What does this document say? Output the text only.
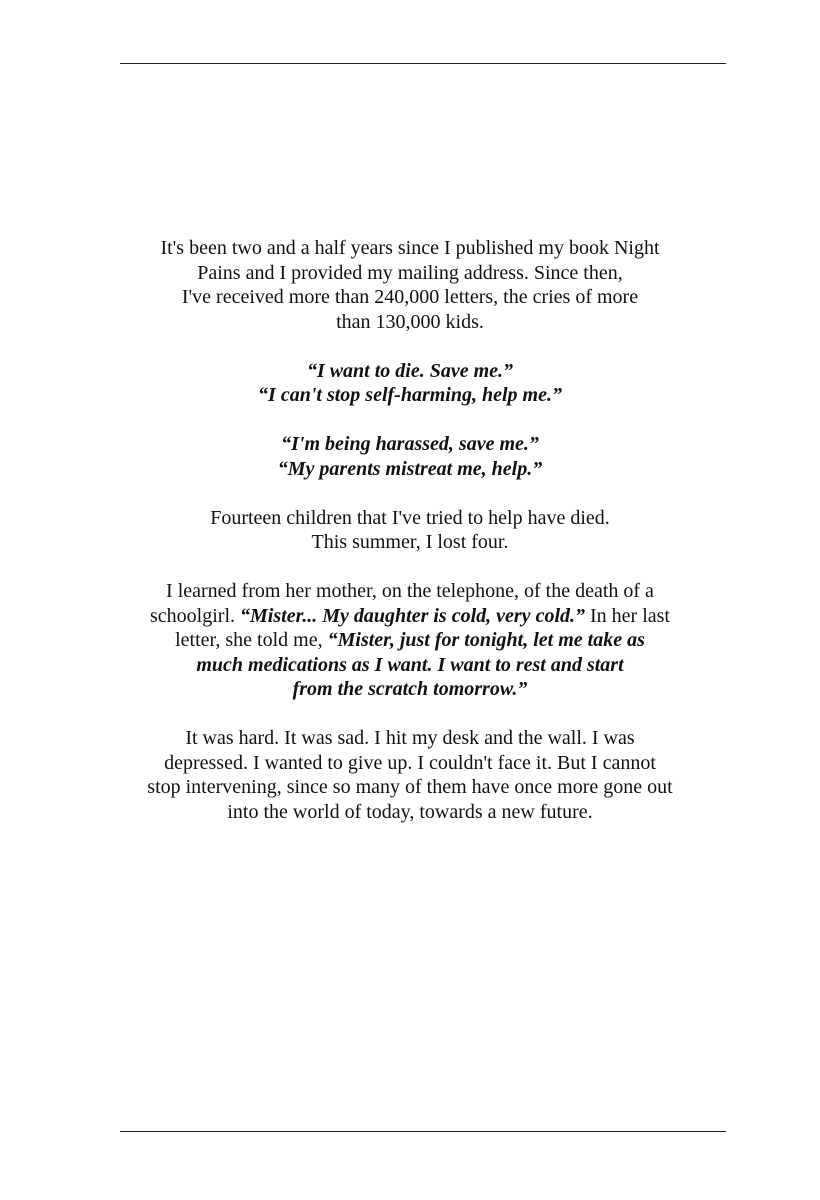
It's been two and a half years since I published my book Night
Pains and I provided my mailing address. Since then,
I've received more than 240,000 letters, the cries of more
than 130,000 kids.

“I want to die. Save me.”
“I can't stop self-harming, help me.”

“I'm being harassed, save me.”
“My parents mistreat me, help.”

Fourteen children that I've tried to help have died.
This summer, I lost four.

I learned from her mother, on the telephone, of the death of a
schoolgirl. “Mister... My daughter is cold, very cold.” In her last
letter, she told me, “Mister, just for tonight, let me take as
much medications as I want. I want to rest and start
from the scratch tomorrow.”

It was hard. It was sad. I hit my desk and the wall. I was
depressed. I wanted to give up. I couldn't face it. But I cannot
stop intervening, since so many of them have once more gone out
into the world of today, towards a new future.
